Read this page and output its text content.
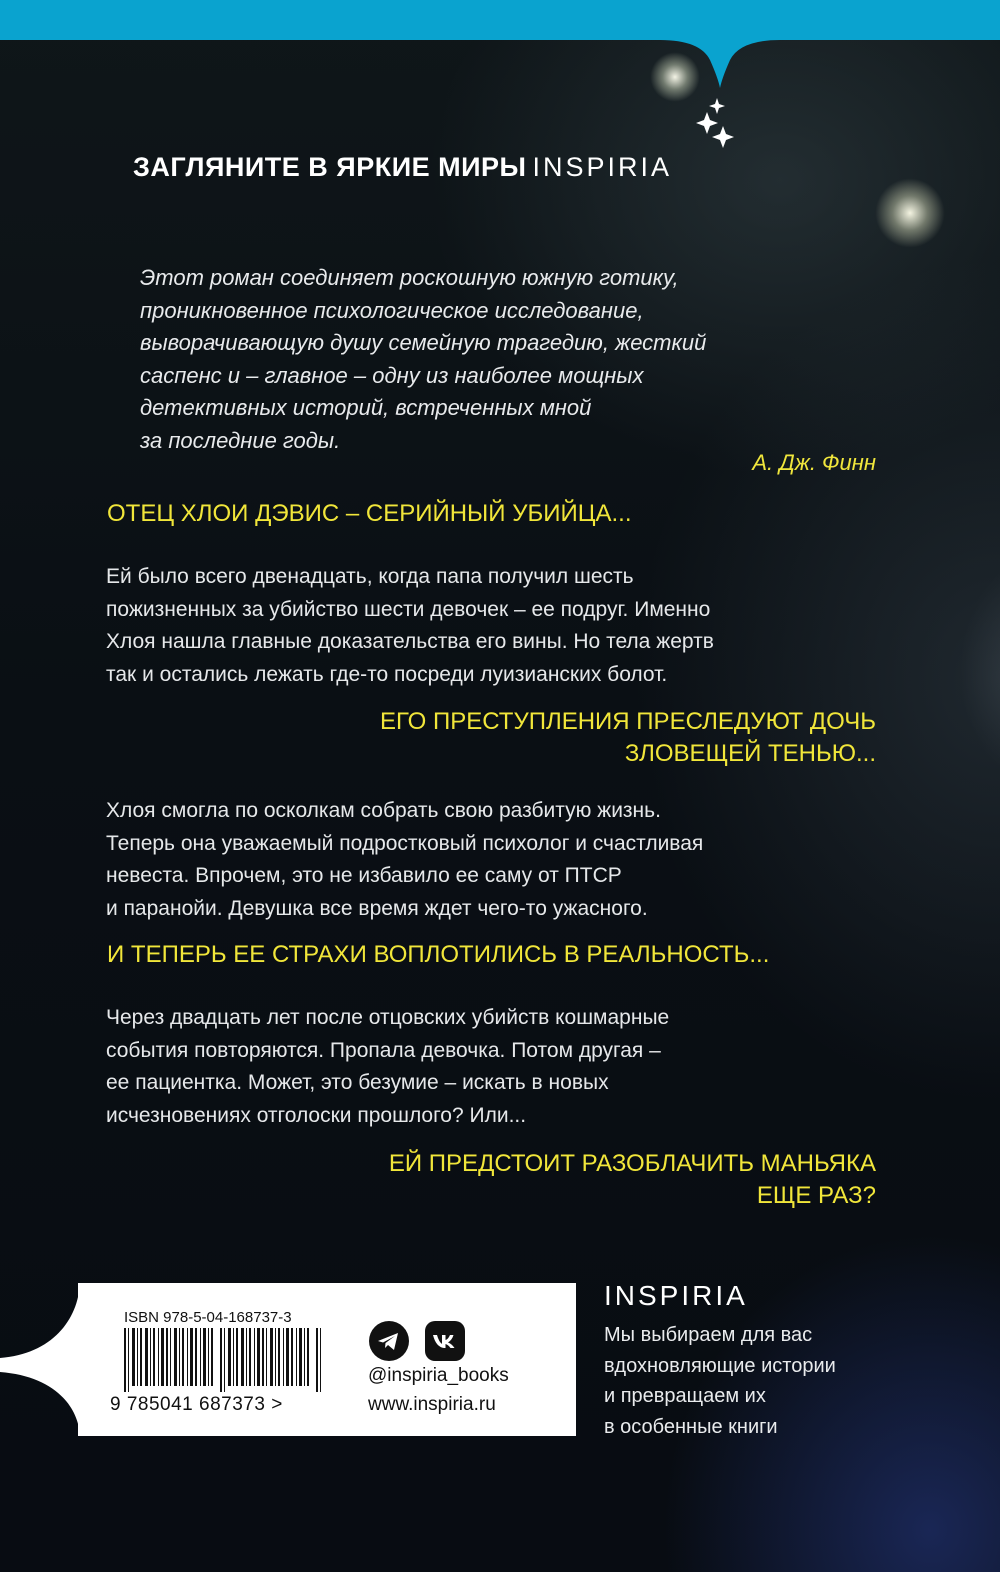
ЗАГЛЯНИТЕ В ЯРКИЕ МИРЫ INSPIRIA

Этот роман соединяет роскошную южную готику,
проникновенное психологическое исследование,
выворачивающую душу семейную трагедию, жесткий
саспенс и – главное – одну из наиболее мощных
детективных историй, встреченных мной
за последние годы.

А. Дж. Финн

ОТЕЦ ХЛОИ ДЭВИС – СЕРИЙНЫЙ УБИЙЦА...

Ей было всего двенадцать, когда папа получил шесть
пожизненных за убийство шести девочек – ее подруг. Именно
Хлоя нашла главные доказательства его вины. Но тела жертв
так и остались лежать где-то посреди луизианских болот.

ЕГО ПРЕСТУПЛЕНИЯ ПРЕСЛЕДУЮТ ДОЧЬ
ЗЛОВЕЩЕЙ ТЕНЬЮ...

Хлоя смогла по осколкам собрать свою разбитую жизнь.
Теперь она уважаемый подростковый психолог и счастливая
невеста. Впрочем, это не избавило ее саму от ПТСР
и паранойи. Девушка все время ждет чего-то ужасного.

И ТЕПЕРЬ ЕЕ СТРАХИ ВОПЛОТИЛИСЬ В РЕАЛЬНОСТЬ...

Через двадцать лет после отцовских убийств кошмарные
события повторяются. Пропала девочка. Потом другая –
ее пациентка. Может, это безумие – искать в новых
исчезновениях отголоски прошлого? Или...

ЕЙ ПРЕДСТОИТ РАЗОБЛАЧИТЬ МАНЬЯКА
ЕЩЕ РАЗ?

ISBN 978-5-04-168737-3
9 785041 687373 >
@inspiria_books
www.inspiria.ru
INSPIRIA

Мы выбираем для вас
вдохновляющие истории
и превращаем их
в особенные книги
